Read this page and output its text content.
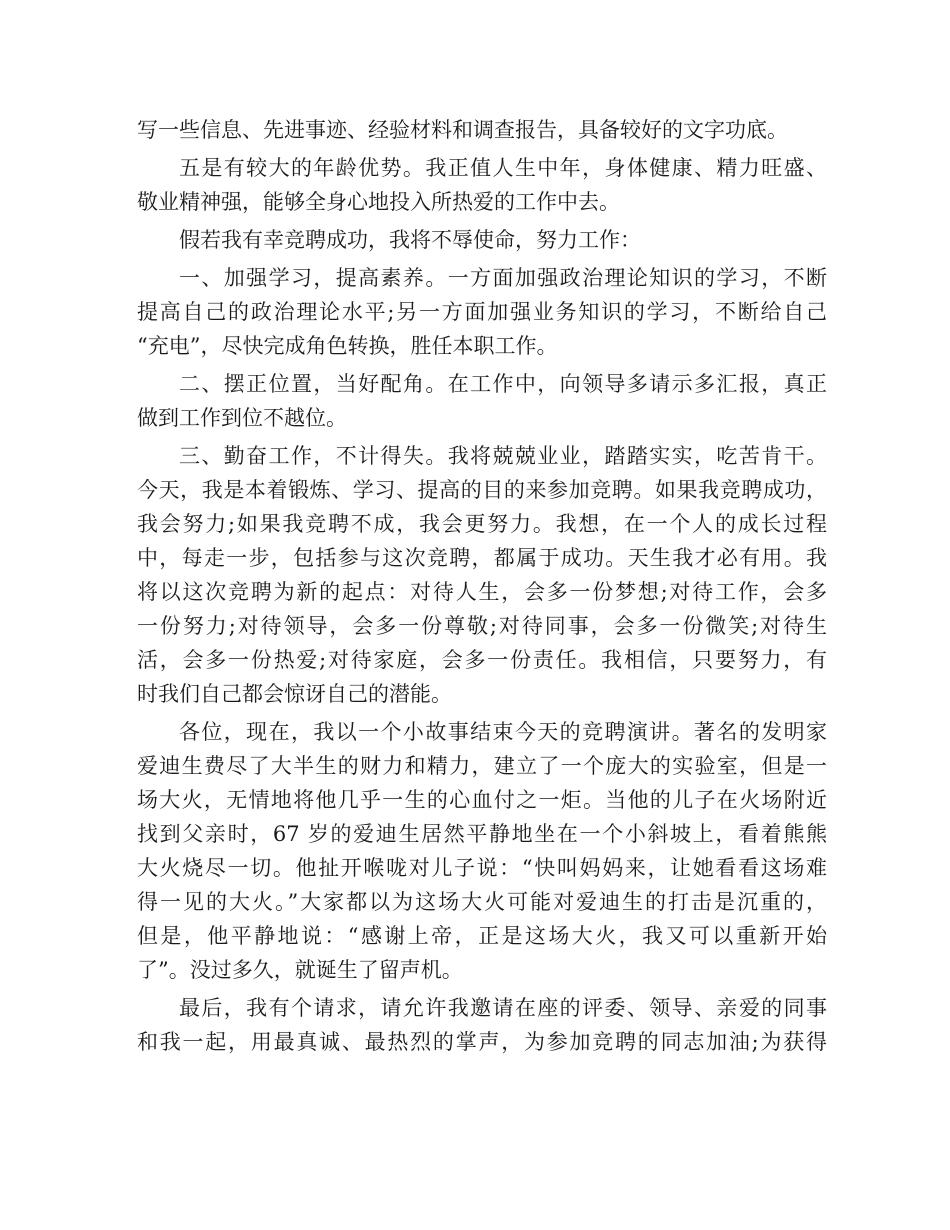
写一些信息、先进事迹、经验材料和调查报告，具备较好的文字功底。
五是有较大的年龄优势。我正值人生中年，身体健康、精力旺盛、
敬业精神强，能够全身心地投入所热爱的工作中去。
假若我有幸竞聘成功，我将不辱使命，努力工作：
一、加强学习，提高素养。一方面加强政治理论知识的学习，不断
提高自己的政治理论水平;另一方面加强业务知识的学习，不断给自己
“充电”，尽快完成角色转换，胜任本职工作。
二、摆正位置，当好配角。在工作中，向领导多请示多汇报，真正
做到工作到位不越位。
三、勤奋工作，不计得失。我将兢兢业业，踏踏实实，吃苦肯干。
今天，我是本着锻炼、学习、提高的目的来参加竞聘。如果我竞聘成功，
我会努力;如果我竞聘不成，我会更努力。我想，在一个人的成长过程
中，每走一步，包括参与这次竞聘，都属于成功。天生我才必有用。我
将以这次竞聘为新的起点：对待人生，会多一份梦想;对待工作，会多
一份努力;对待领导，会多一份尊敬;对待同事，会多一份微笑;对待生
活，会多一份热爱;对待家庭，会多一份责任。我相信，只要努力，有
时我们自己都会惊讶自己的潜能。
各位，现在，我以一个小故事结束今天的竞聘演讲。著名的发明家
爱迪生费尽了大半生的财力和精力，建立了一个庞大的实验室，但是一
场大火，无情地将他几乎一生的心血付之一炬。当他的儿子在火场附近
找到父亲时，67 岁的爱迪生居然平静地坐在一个小斜坡上，看着熊熊
大火烧尽一切。他扯开喉咙对儿子说：“快叫妈妈来，让她看看这场难
得一见的大火。”大家都以为这场大火可能对爱迪生的打击是沉重的，
但是，他平静地说：“感谢上帝，正是这场大火，我又可以重新开始
了”。没过多久，就诞生了留声机。
最后，我有个请求，请允许我邀请在座的评委、领导、亲爱的同事
和我一起，用最真诚、最热烈的掌声，为参加竞聘的同志加油;为获得
